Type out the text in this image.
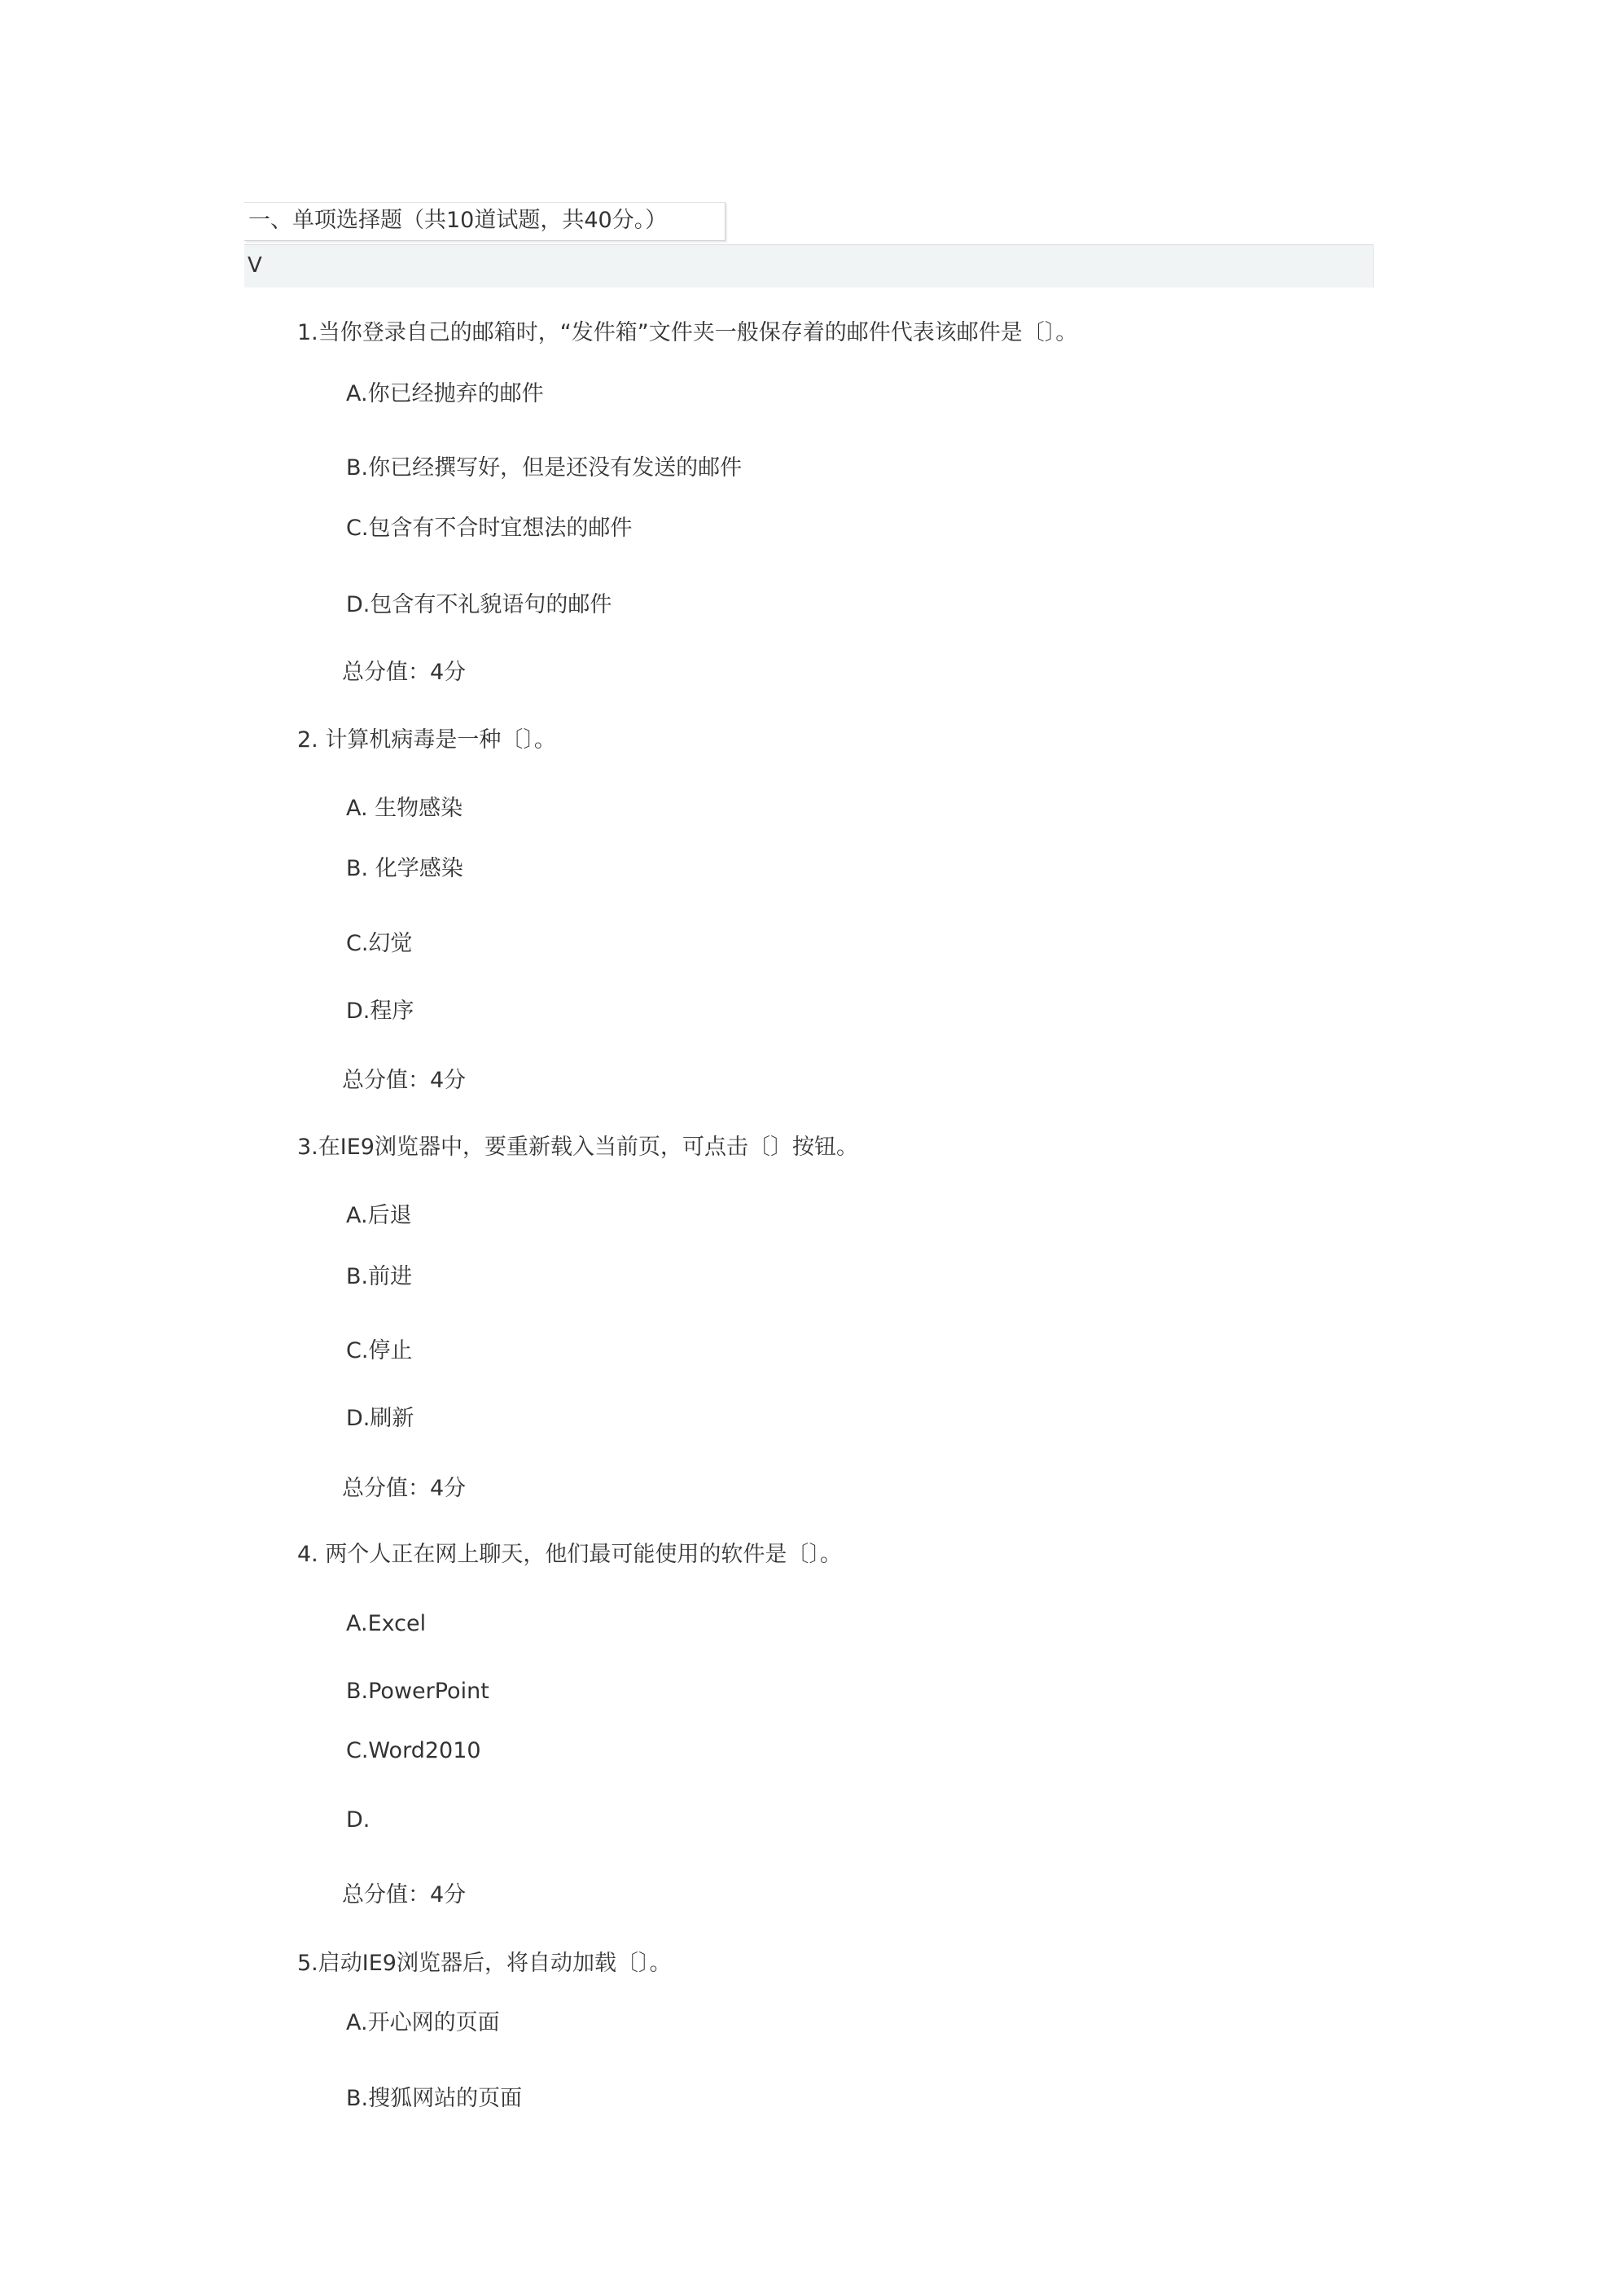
一、单项选择题（共10道试题，共40分。）
V
1.当你登录自己的邮箱时，“发件箱”文件夹一般保存着的邮件代表该邮件是〔〕。
A.你已经抛弃的邮件
B.你已经撰写好，但是还没有发送的邮件
C.包含有不合时宜想法的邮件
D.包含有不礼貌语句的邮件
总分值：4分
2. 计算机病毒是一种〔〕。
A. 生物感染
B. 化学感染
C.幻觉
D.程序
总分值：4分
3.在IE9浏览器中，要重新载入当前页，可点击〔〕按钮。
A.后退
B.前进
C.停止
D.刷新
总分值：4分
4. 两个人正在网上聊天，他们最可能使用的软件是〔〕。
A.Excel
B.PowerPoint
C.Word2010
D.
总分值：4分
5.启动IE9浏览器后，将自动加载〔〕。
A.开心网的页面
B.搜狐网站的页面
